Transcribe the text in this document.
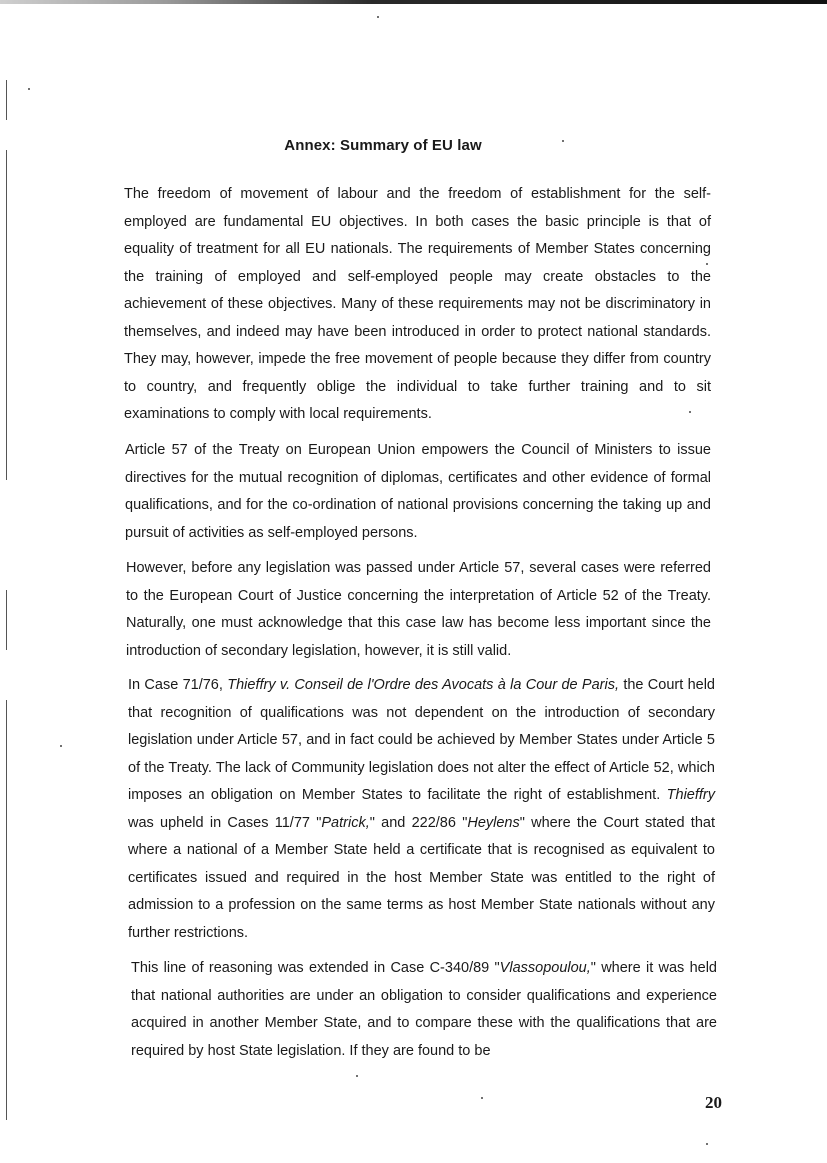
Annex: Summary of EU law

The freedom of movement of labour and the freedom of establishment for the self-employed are fundamental EU objectives. In both cases the basic principle is that of equality of treatment for all EU nationals. The requirements of Member States concerning the training of employed and self-employed people may create obstacles to the achievement of these objectives. Many of these requirements may not be discriminatory in themselves, and indeed may have been introduced in order to protect national standards. They may, however, impede the free movement of people because they differ from country to country, and frequently oblige the individual to take further training and to sit examinations to comply with local requirements.

Article 57 of the Treaty on European Union empowers the Council of Ministers to issue directives for the mutual recognition of diplomas, certificates and other evidence of formal qualifications, and for the co-ordination of national provisions concerning the taking up and pursuit of activities as self-employed persons.

However, before any legislation was passed under Article 57, several cases were referred to the European Court of Justice concerning the interpretation of Article 52 of the Treaty. Naturally, one must acknowledge that this case law has become less important since the introduction of secondary legislation, however, it is still valid.

In Case 71/76, Thieffry v. Conseil de l'Ordre des Avocats à la Cour de Paris, the Court held that recognition of qualifications was not dependent on the introduction of secondary legislation under Article 57, and in fact could be achieved by Member States under Article 5 of the Treaty. The lack of Community legislation does not alter the effect of Article 52, which imposes an obligation on Member States to facilitate the right of establishment. Thieffry was upheld in Cases 11/77 "Patrick," and 222/86 "Heylens" where the Court stated that where a national of a Member State held a certificate that is recognised as equivalent to certificates issued and required in the host Member State was entitled to the right of admission to a profession on the same terms as host Member State nationals without any further restrictions.

This line of reasoning was extended in Case C-340/89 "Vlassopoulou," where it was held that national authorities are under an obligation to consider qualifications and experience acquired in another Member State, and to compare these with the qualifications that are required by host State legislation. If they are found to be

20
